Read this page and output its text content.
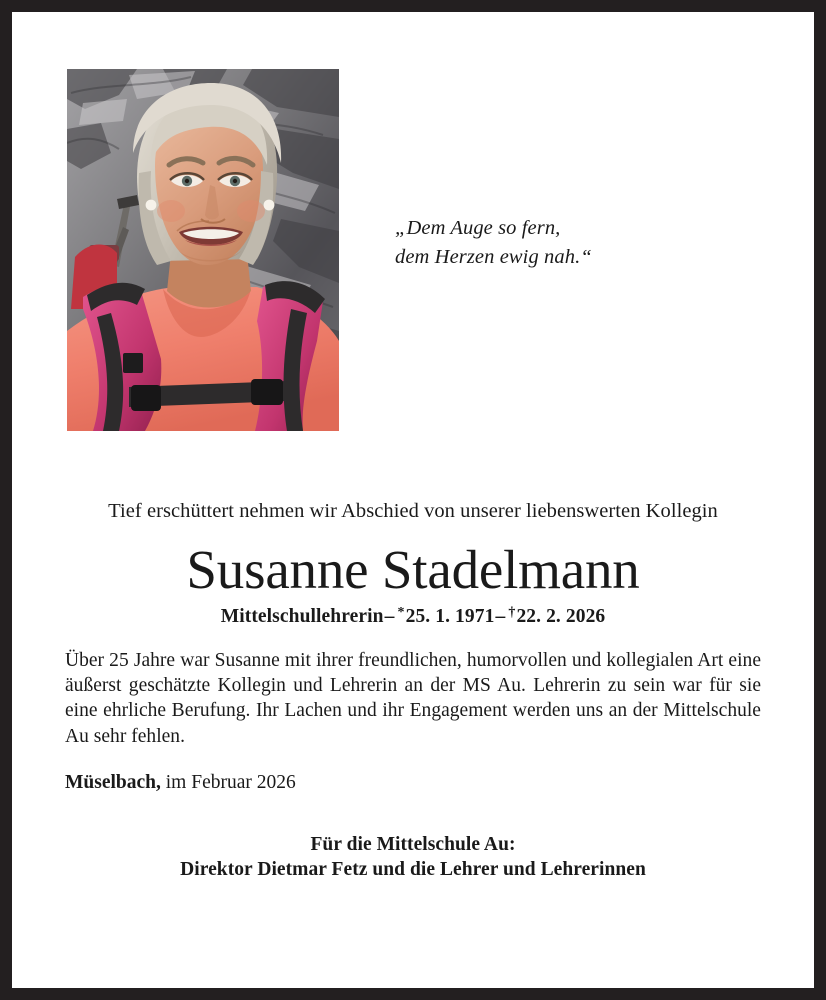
„Dem Auge so fern,
dem Herzen ewig nah.“

Tief erschüttert nehmen wir Abschied von unserer liebenswerten Kollegin

Susanne Stadelmann

Mittelschullehrerin– *25. 1. 1971– †22. 2. 2026

Über 25 Jahre war Susanne mit ihrer freundlichen, humorvollen und kollegialen Art eine äußerst geschätzte Kollegin und Lehrerin an der MS Au. Lehrerin zu sein war für sie eine ehrliche Berufung. Ihr Lachen und ihr Engagement werden uns an der Mittelschule Au sehr fehlen.

Müselbach, im Februar 2026

Für die Mittelschule Au:
Direktor Dietmar Fetz und die Lehrer und Lehrerinnen
